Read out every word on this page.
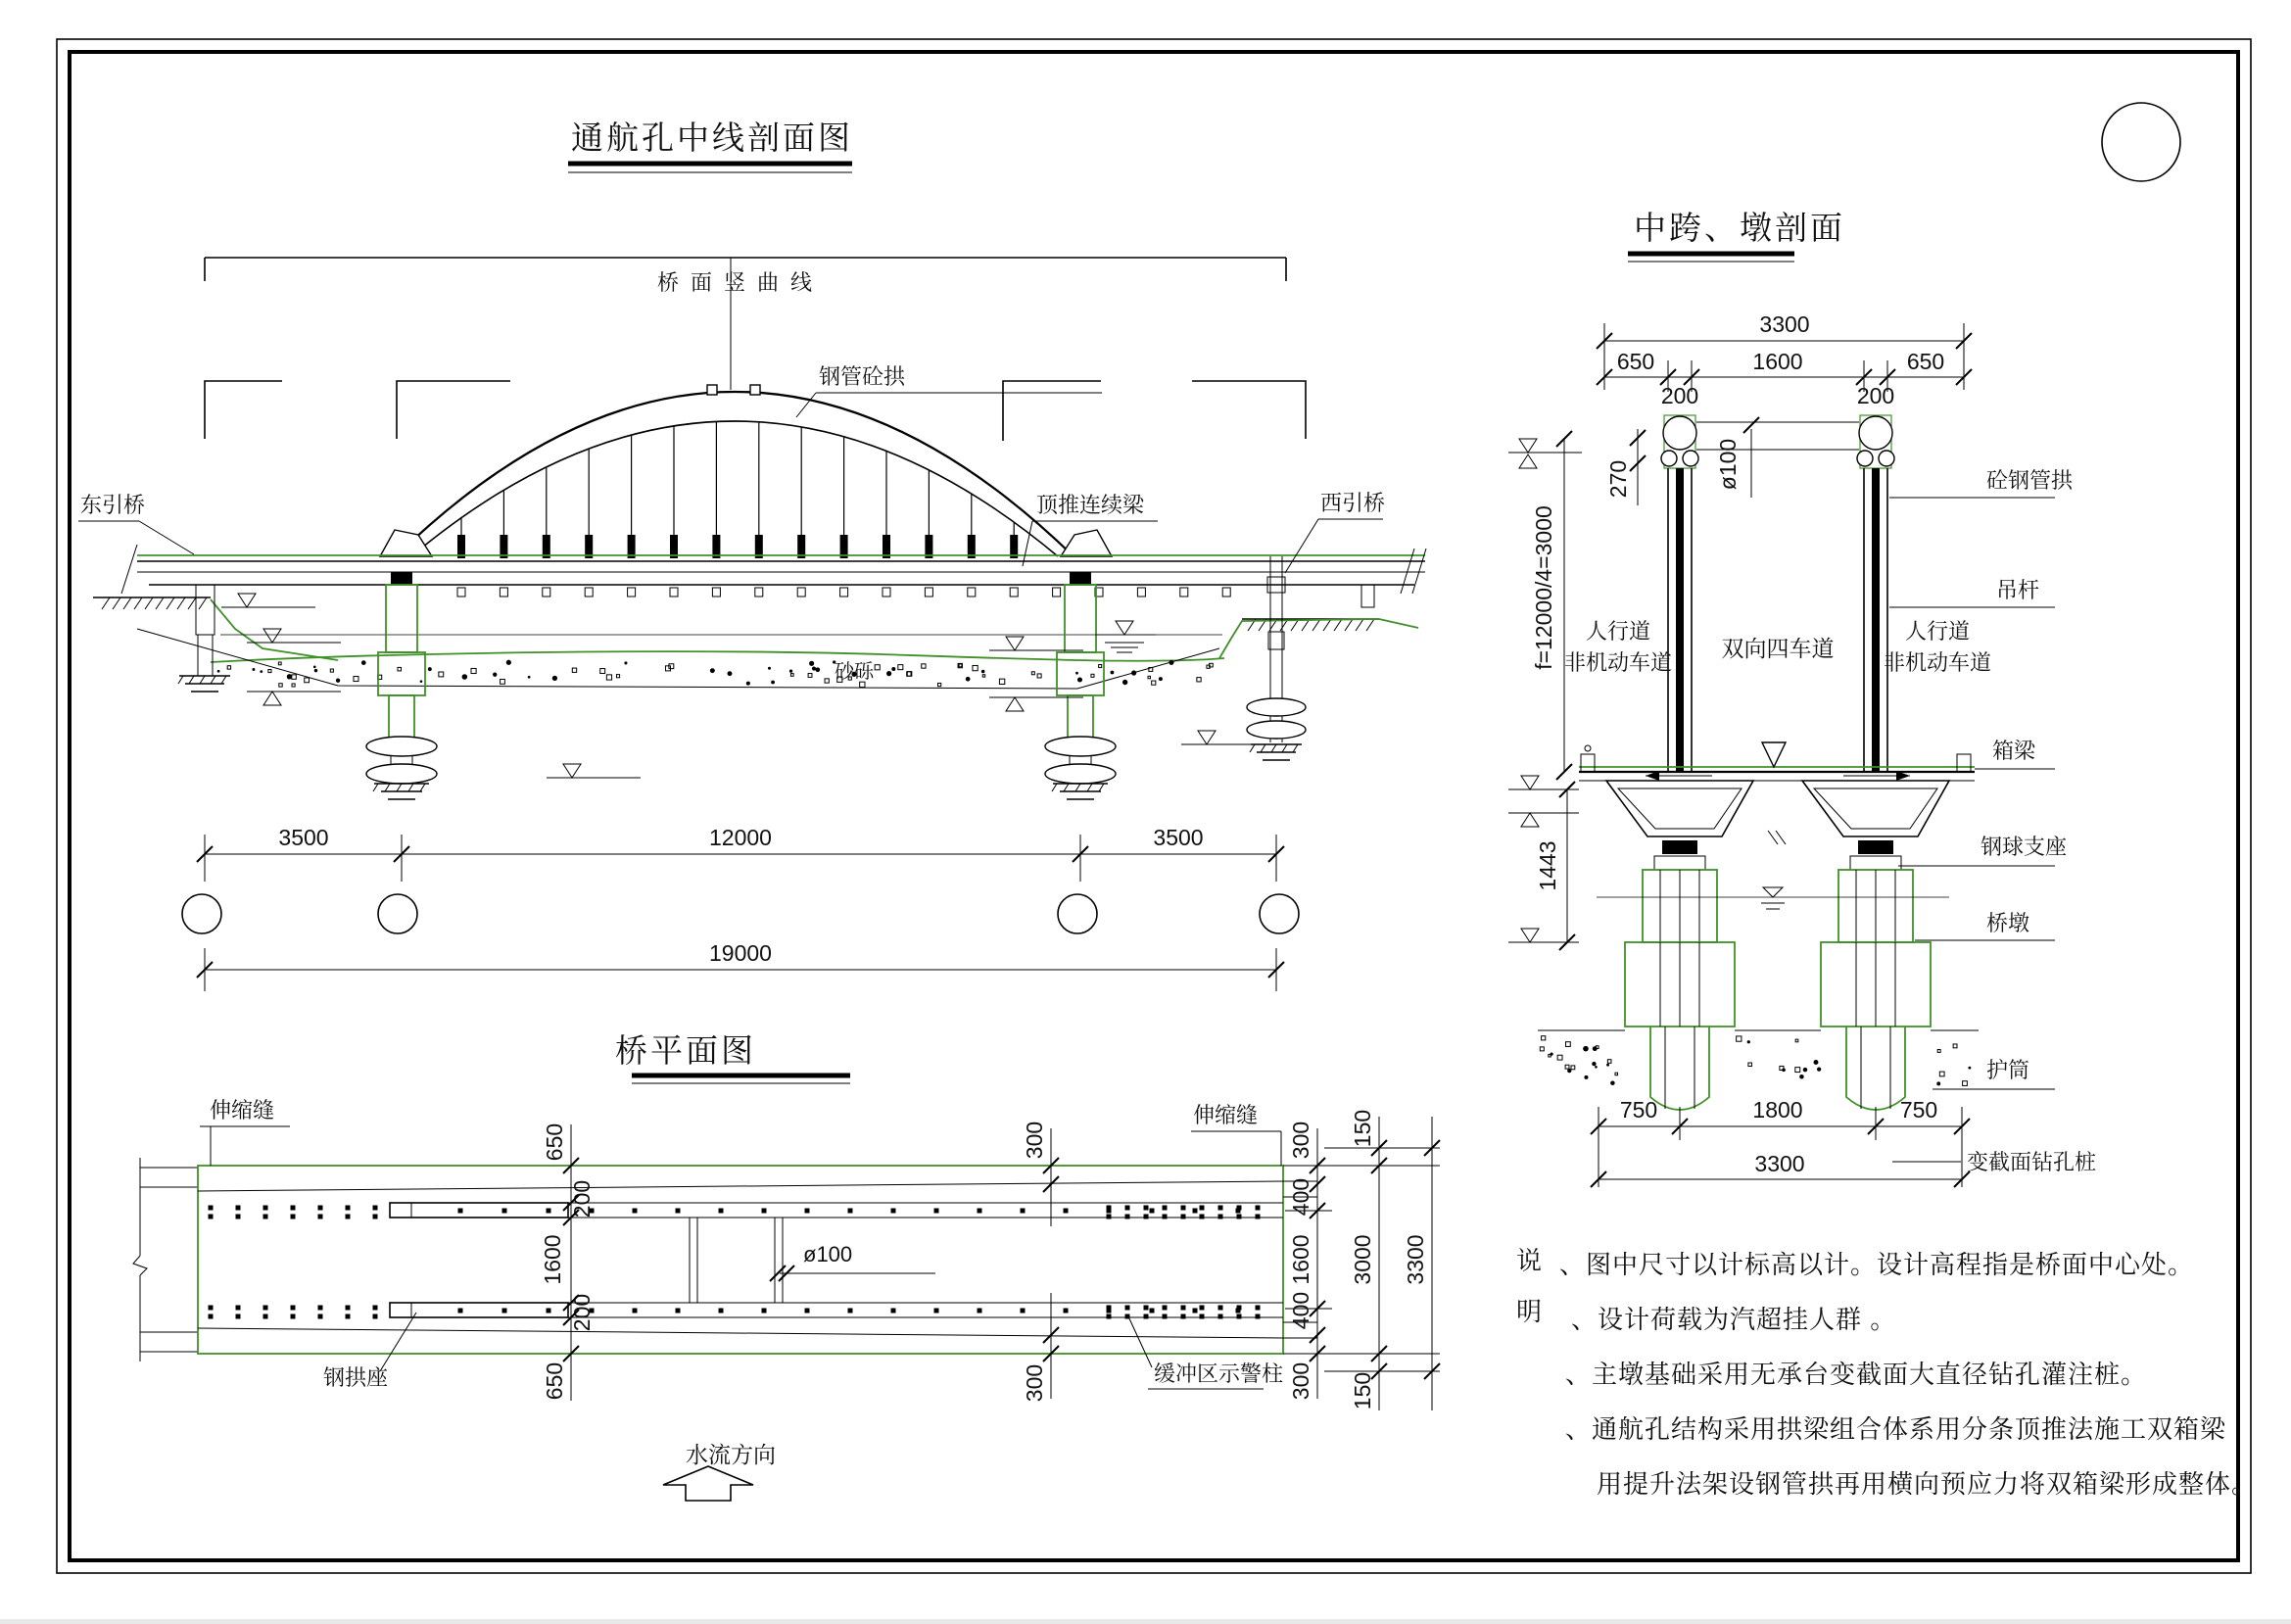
通航孔中线剖面图
桥面竖曲线
钢管砼拱
东引桥	西引桥
顶推连续梁
砂砾
3500	12000	3500
19000
桥平面图
伸缩缝	伸缩缝
钢拱座	缓冲区示警柱
ø100
650
200
1600
200
650
300
300
300
400
1600
400
300
150
3000
150
3300
水流方向
中跨、墩剖面
3300
650	1600	650
200	200
ø100
270
f=12000/4=3000 人行道
非机动车道
双向四车道
人行道
非机动车道
1443
砼钢管拱
吊杆
箱梁
钢球支座
桥墩
护筒
变截面钻孔桩
750	1800	750
3300
说
明
、图中尺寸以计标高以计。设计高程指是桥面中心处。
、设计荷载为汽超挂人群 。
、主墩基础采用无承台变截面大直径钻孔灌注桩。
、通航孔结构采用拱梁组合体系用分条顶推法施工双箱梁
用提升法架设钢管拱再用横向预应力将双箱梁形成整体。
